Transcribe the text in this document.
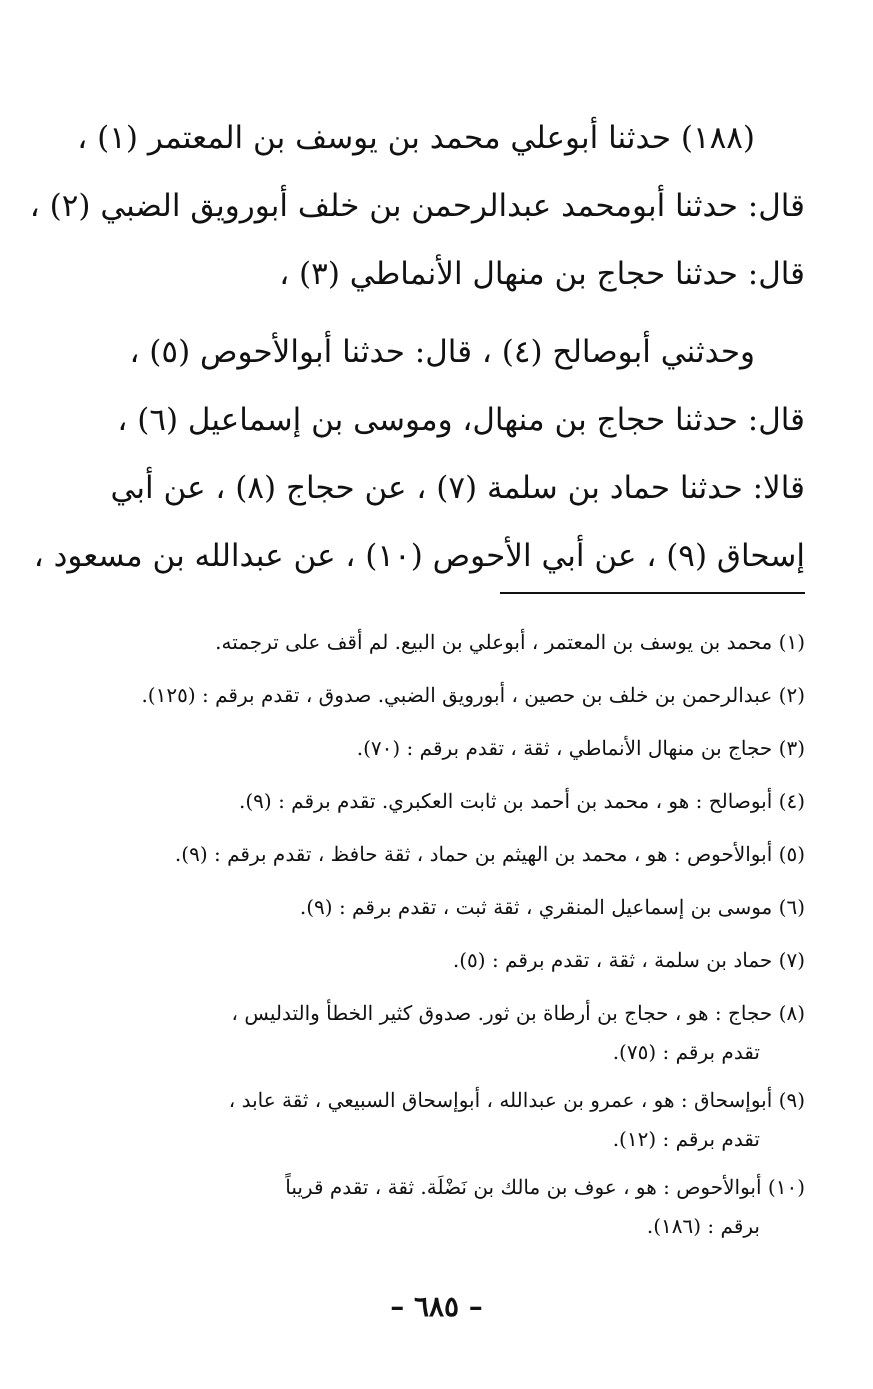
(١٨٨) حدثنا أبوعلي محمد بن يوسف بن المعتمر (١) ،
قال: حدثنا أبومحمد عبدالرحمن بن خلف أبورويق الضبي (٢) ،
قال: حدثنا حجاج بن منهال الأنماطي (٣) ،
وحدثني أبوصالح (٤) ، قال: حدثنا أبوالأحوص (٥) ،
قال: حدثنا حجاج بن منهال، وموسى بن إسماعيل (٦) ،
قالا: حدثنا حماد بن سلمة (٧) ، عن حجاج (٨) ، عن أبي
إسحاق (٩) ، عن أبي الأحوص (١٠) ، عن عبدالله بن مسعود ،
(١) محمد بن يوسف بن المعتمر ، أبوعلي بن البيع. لم أقف على ترجمته.
(٢) عبدالرحمن بن خلف بن حصين ، أبورويق الضبي. صدوق ، تقدم برقم : (١٢٥).
(٣) حجاج بن منهال الأنماطي ، ثقة ، تقدم برقم : (٧٠).
(٤) أبوصالح : هو ، محمد بن أحمد بن ثابت العكبري. تقدم برقم : (٩).
(٥) أبوالأحوص : هو ، محمد بن الهيثم بن حماد ، ثقة حافظ ، تقدم برقم : (٩).
(٦) موسى بن إسماعيل المنقري ، ثقة ثبت ، تقدم برقم : (٩).
(٧) حماد بن سلمة ، ثقة ، تقدم برقم : (٥).
(٨) حجاج : هو ، حجاج بن أرطاة بن ثور. صدوق كثير الخطأ والتدليس ،
تقدم برقم : (٧٥).
(٩) أبوإسحاق : هو ، عمرو بن عبدالله ، أبوإسحاق السبيعي ، ثقة عابد ،
تقدم برقم : (١٢).
(١٠) أبوالأحوص : هو ، عوف بن مالك بن نَضْلَة. ثقة ، تقدم قريباً
برقم : (١٨٦).
– ٦٨٥ –
